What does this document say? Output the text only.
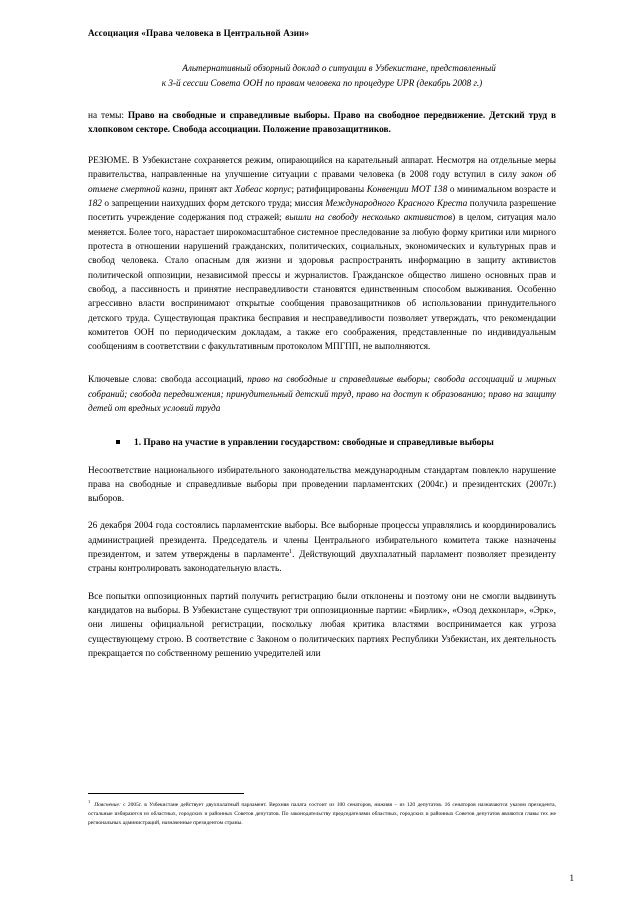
Ассоциация «Права человека в Центральной Азии»
Альтернативный обзорный доклад о ситуации в Узбекистане, представленный
к 3-й сессии Совета ООН по правам человека по процедуре UPR (декабрь 2008 г.)
на темы: Право на свободные и справедливые выборы. Право на свободное передвижение. Детский труд в хлопковом секторе. Свобода ассоциации. Положение правозащитников.
РЕЗЮМЕ. В Узбекистане сохраняется режим, опирающийся на карательный аппарат. Несмотря на отдельные меры правительства, направленные на улучшение ситуации с правами человека (в 2008 году вступил в силу закон об отмене смертной казни, принят акт Хабеас корпус; ратифицированы Конвенции МОТ 138 о минимальном возрасте и 182 о запрещении наихудших форм детского труда; миссия Международного Красного Креста получила разрешение посетить учреждение содержания под стражей; вышли на свободу несколько активистов) в целом, ситуация мало меняется. Более того, нарастает широкомасштабное системное преследование за любую форму критики или мирного протеста в отношении нарушений гражданских, политических, социальных, экономических и культурных прав и свобод человека. Стало опасным для жизни и здоровья распространять информацию в защиту активистов политической оппозиции, независимой прессы и журналистов. Гражданское общество лишено основных прав и свобод, а пассивность и принятие несправедливости становятся единственным способом выживания. Особенно агрессивно власти воспринимают открытые сообщения правозащитников об использовании принудительного детского труда. Существующая практика бесправия и несправедливости позволяет утверждать, что рекомендации комитетов ООН по периодическим докладам, а также его соображения, представленные по индивидуальным сообщениям в соответствии с факультативным протоколом МПГПП, не выполняются.
Ключевые слова: свобода ассоциаций, право на свободные и справедливые выборы; свобода ассоциаций и мирных собраний; свобода передвижения; принудительный детский труд, право на доступ к образованию; право на защиту детей от вредных условий труда
1. Право на участие в управлении государством: свободные и справедливые выборы
Несоответствие национального избирательного законодательства международным стандартам повлекло нарушение права на свободные и справедливые выборы при проведении парламентских (2004г.) и президентских (2007г.) выборов.
26 декабря 2004 года состоялись парламентские выборы. Все выборные процессы управлялись и координировались администрацией президента. Председатель и члены Центрального избирательного комитета также назначены президентом, и затем утверждены в парламенте$^1$. Действующий двухпалатный парламент позволяет президенту страны контролировать законодательную власть.
Все попытки оппозиционных партий получить регистрацию были отклонены и поэтому они не смогли выдвинуть кандидатов на выборы. В Узбекистане существуют три оппозиционные партии: «Бирлик», «Озод дехконлар», «Эрк», они лишены официальной регистрации, поскольку любая критика властями воспринимается как угроза существующему строю. В соответствие с Законом о политических партиях Республики Узбекистан, их деятельность прекращается по собственному решению учредителей или
$^1$Пояснение: с 2005г. в Узбекистане действует двухпалатный парламент. Верхняя палата состоит из 100 сенаторов, нижняя – из 120 депутатов. 16 сенаторов назначаются указом президента, остальные избираются из областных, городских и районных Советов депутатов. По законодательству председателями областных, городских и районных Советов депутатов являются главы тех же региональных администраций, назначенные президентом страны.
1
